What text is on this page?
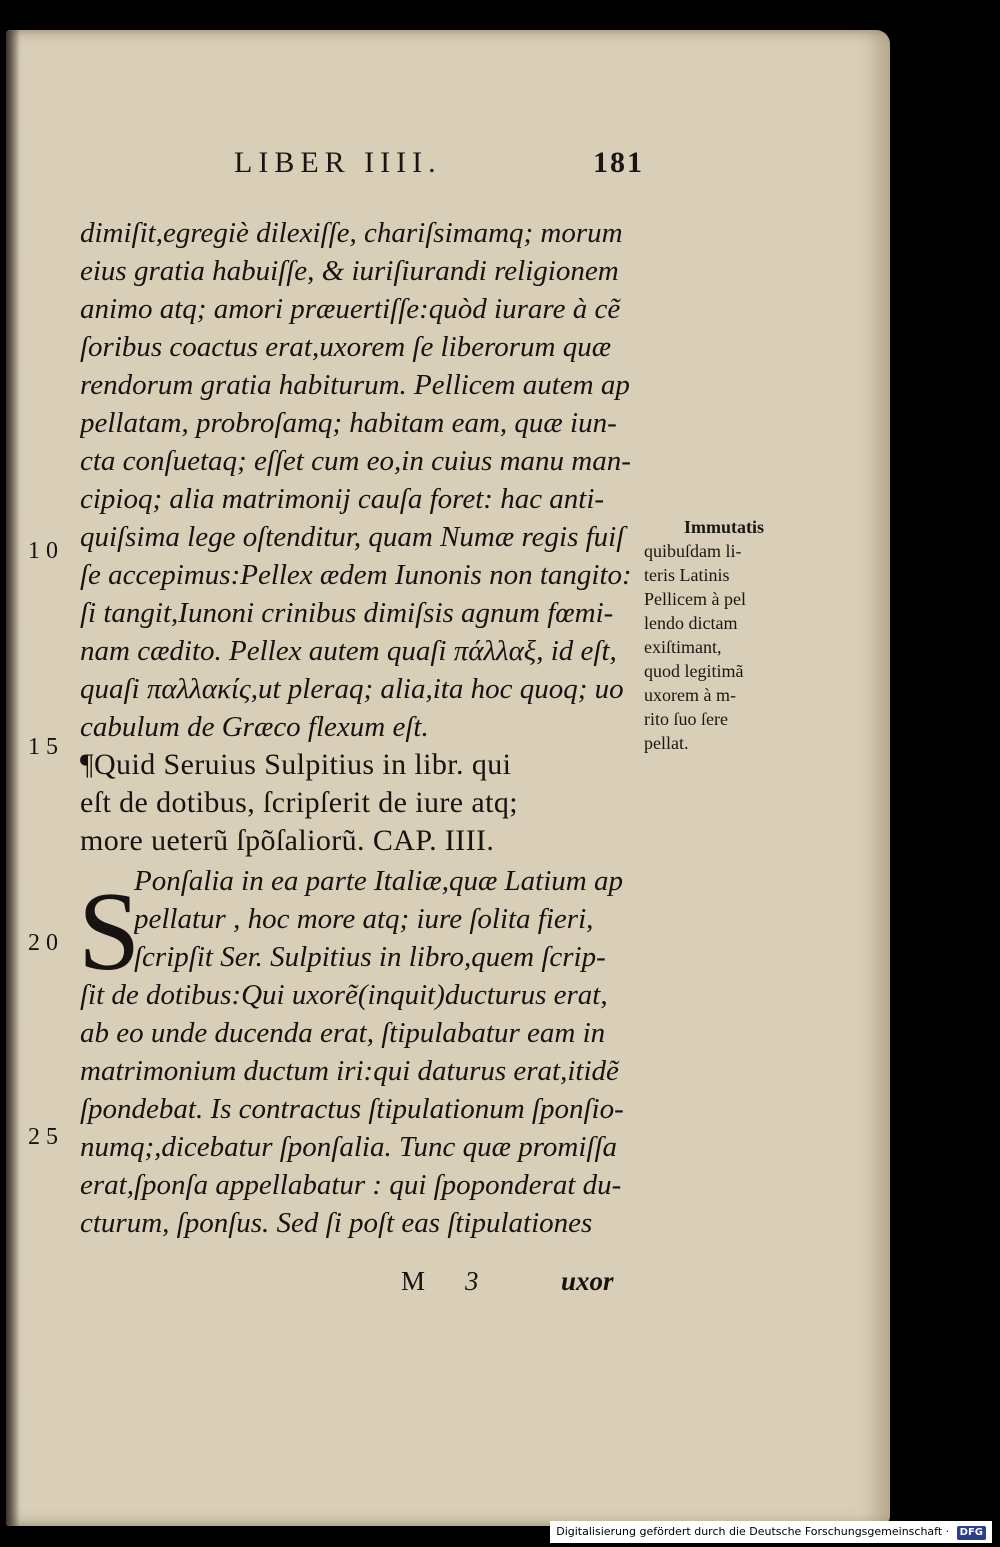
LIBER IIII.	181
dimiſit,egregiè dilexiſſe, chariſsimamq; morum
eius gratia habuiſſe, & iuriſiurandi religionem
animo atq; amori præuertiſſe:quòd iurare à cẽ
ſoribus coactus erat,uxorem ſe liberorum quæ
rendorum gratia habiturum. Pellicem autem ap
pellatam, probroſamq; habitam eam, quæ iun-
cta conſuetaq; eſſet cum eo,in cuius manu man-
cipioq; alia matrimonij cauſa foret: hac anti-
quiſsima lege oſtenditur, quam Numæ regis fuiſ
ſe accepimus:Pellex ædem Iunonis non tangito:
ſi tangit,Iunoni crinibus dimiſsis agnum fœmi-
nam cædito. Pellex autem quaſi πάλλαξ, id eſt,
quaſi παλλακίς,ut pleraq; alia,ita hoc quoq; uo
cabulum de Græco flexum eſt.
¶Quid Seruius Sulpitius in libr. qui
eſt de dotibus, ſcripſerit de iure atq;
more ueterũ ſpõſaliorũ. CAP. IIII.
S
Ponſalia in ea parte Italiæ,quæ Latium ap
pellatur , hoc more atq; iure ſolita fieri,
ſcripſit Ser. Sulpitius in libro,quem ſcrip-
ſit de dotibus:Qui uxorẽ(inquit)ducturus erat,
ab eo unde ducenda erat, ſtipulabatur eam in
matrimonium ductum iri:qui daturus erat,itidẽ
ſpondebat. Is contractus ſtipulationum ſponſio-
numq;,dicebatur ſponſalia. Tunc quæ promiſſa
erat,ſponſa appellabatur : qui ſpoponderat du-
cturum, ſponſus. Sed ſi poſt eas ſtipulationes
10
15
20
25
Immutatis
quibuſdam li-
teris Latinis
Pellicem à pel
lendo dictam
exiſtimant,
quod legitimã
uxorem à m-
rito ſuo ſere
pellat.
M 3	uxor
Digitalisierung gefördert durch die Deutsche Forschungsgemeinschaft · DFG
